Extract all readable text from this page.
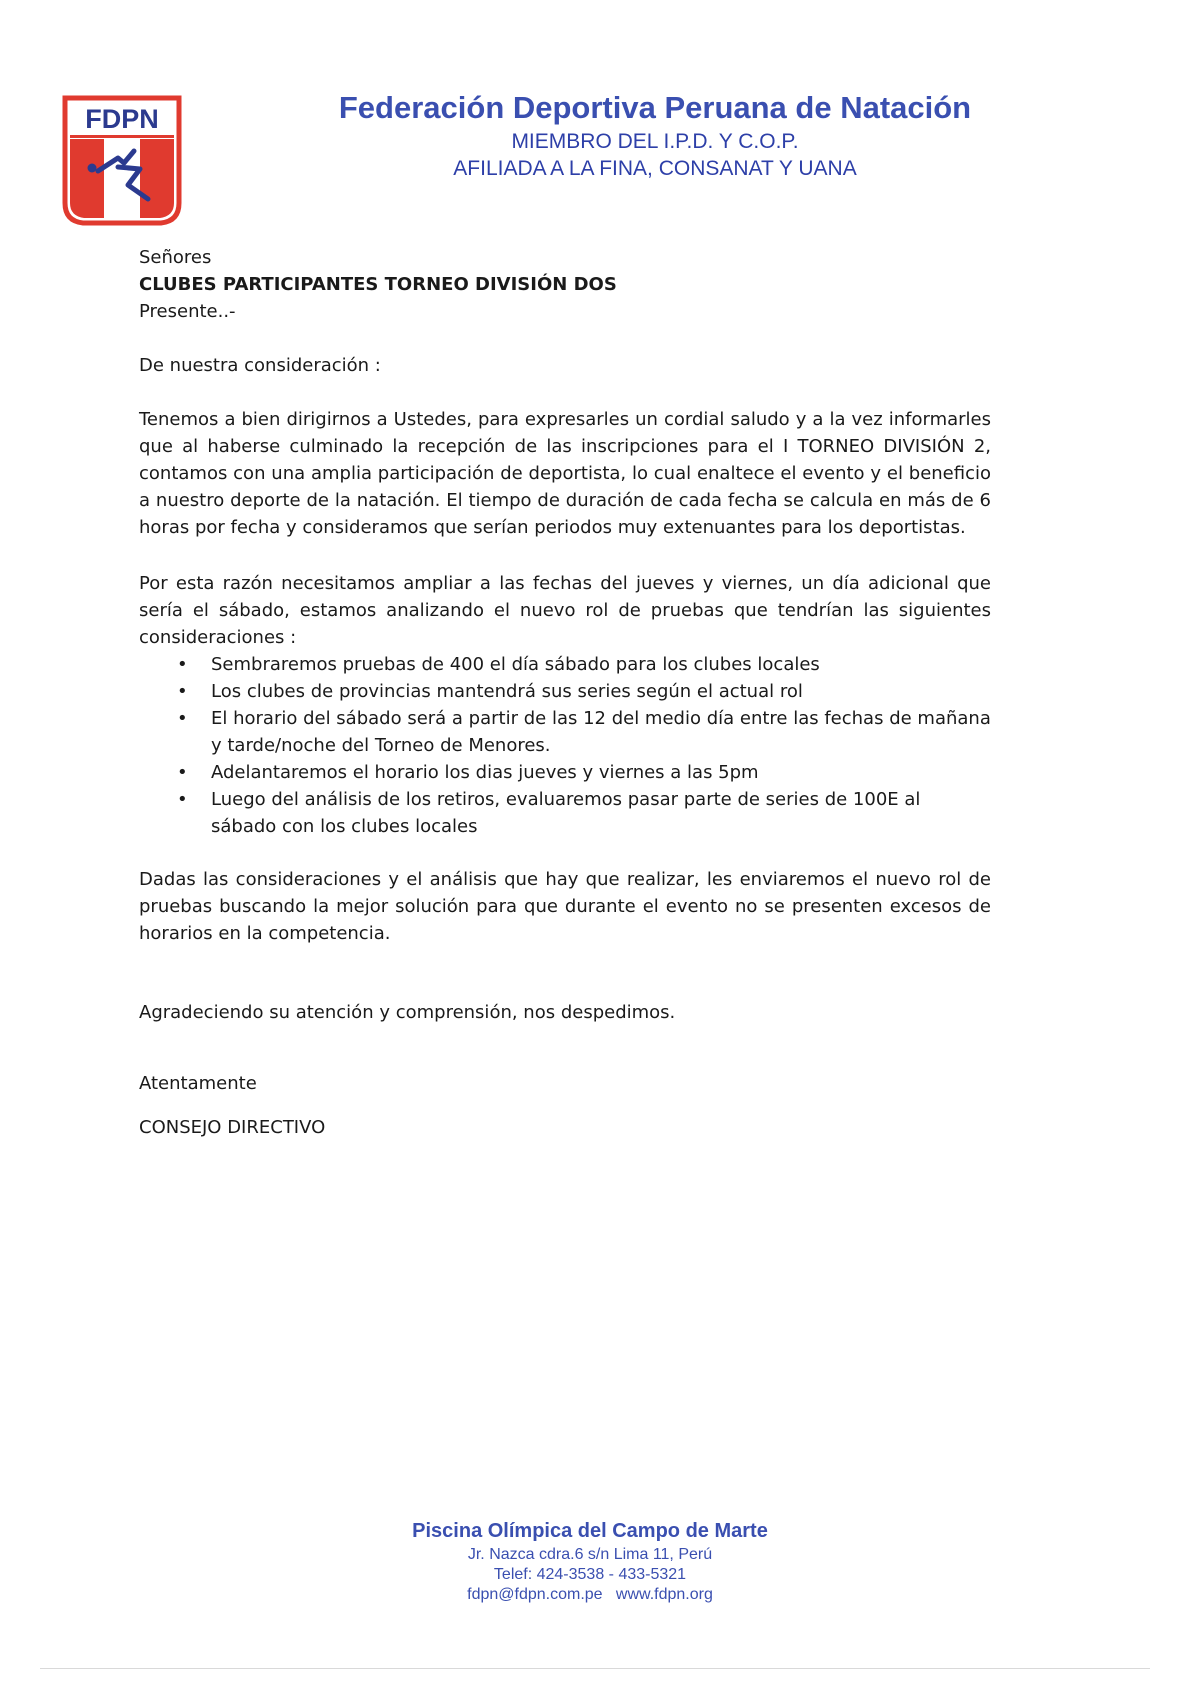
FDPN	Federación Deportiva Peruana de Natación
MIEMBRO DEL I.P.D. Y C.O.P.
AFILIADA A LA FINA, CONSANAT Y UANA

Señores

CLUBES PARTICIPANTES TORNEO DIVISIÓN DOS

Presente..-

De nuestra consideración :

Tenemos a bien dirigirnos a Ustedes, para expresarles un cordial saludo y a la vez informarles que al haberse culminado la recepción de las inscripciones para el I TORNEO DIVISIÓN 2, contamos con una amplia participación de deportista, lo cual enaltece el evento y el beneficio a nuestro deporte de la natación. El tiempo de duración de cada fecha se calcula en más de 6 horas por fecha y consideramos que serían periodos muy extenuantes para los deportistas.

Por esta razón necesitamos ampliar a las fechas del jueves y viernes, un día adicional que sería el sábado, estamos analizando el nuevo rol de pruebas que tendrían las siguientes consideraciones :

• Sembraremos pruebas de 400 el día sábado para los clubes locales
• Los clubes de provincias mantendrá sus series según el actual rol
• El horario del sábado será a partir de las 12 del medio día entre las fechas de mañana y tarde/noche del Torneo de Menores.
• Adelantaremos el horario los dias jueves y viernes a las 5pm
• Luego del análisis de los retiros, evaluaremos pasar parte de series de 100E al sábado con los clubes locales

Dadas las consideraciones y el análisis que hay que realizar, les enviaremos el nuevo rol de pruebas buscando la mejor solución para que durante el evento no se presenten excesos de horarios en la competencia.

Agradeciendo su atención y comprensión, nos despedimos.

Atentamente

CONSEJO DIRECTIVO

Piscina Olímpica del Campo de Marte
Jr. Nazca cdra.6 s/n Lima 11, Perú
Telef: 424-3538 - 433-5321
fdpn@fdpn.com.pe   www.fdpn.org
